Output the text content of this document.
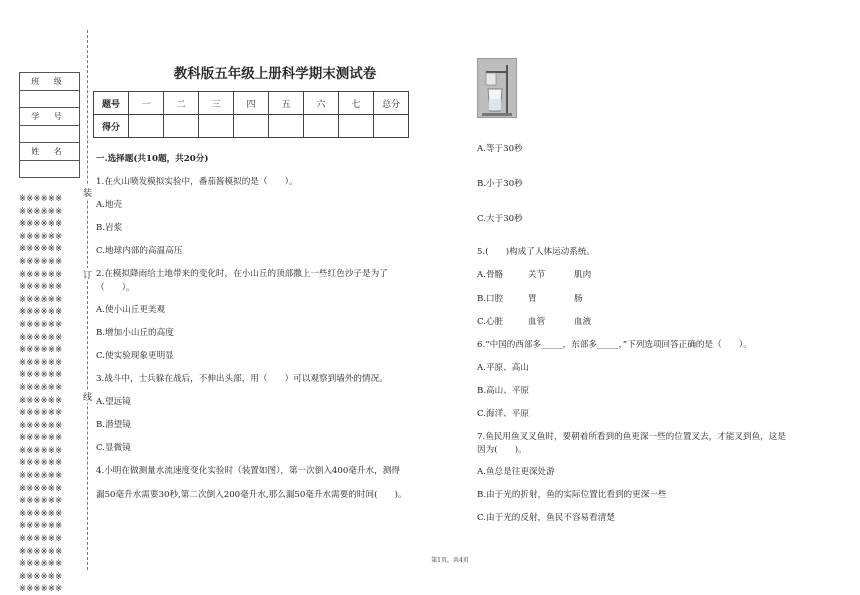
班 级

学 号

姓 名

※※※※※※
※※※※※※
※※※※※※
※※※※※※
※※※※※※
※※※※※※
※※※※※※
※※※※※※
※※※※※※
※※※※※※
※※※※※※
※※※※※※
※※※※※※
※※※※※※
※※※※※※
※※※※※※
※※※※※※
※※※※※※
※※※※※※
※※※※※※
※※※※※※
※※※※※※
※※※※※※
※※※※※※
※※※※※※
※※※※※※
※※※※※※
※※※※※※
※※※※※※
※※※※※※
※※※※※※
※※※※※※
装
订
线
教科版五年级上册科学期末测试卷
题号	一	二	三	四	五	六	七	总分
得分								
一.选择题(共10题，共20分)
1.在火山喷发模拟实验中，番茄酱模拟的是（　　）。
A.地壳
B.岩浆
C.地球内部的高温高压
2.在模拟降雨给土地带来的变化时，在小山丘的顶部撒上一些红色沙子是为了
（　　）。
A.使小山丘更美观
B.增加小山丘的高度
C.使实验现象更明显
3.战斗中，士兵躲在战后，不伸出头部，用（　　）可以观察到墙外的情况。
A.望远镜
B.潜望镜
C.显微镜
4.小明在做测量水流速度变化实验时（装置如图），第一次倒入400毫升水，测得
漏50毫升水需要30秒,第二次倒入200毫升水,那么漏50毫升水需要的时间(　　)。
A.等于30秒
B.小于30秒
C.大于30秒
5.(　　)构成了人体运动系统。
A.骨骼	关节	肌肉
B.口腔	胃	肠
C.心脏	血管	血液
6.“中国的西部多_____，东部多_____，”下列选项回答正确的是（　　）。
A.平原、高山
B.高山、平原
C.海洋、平原
7.鱼民用鱼叉叉鱼时，要朝着所看到的鱼更深一些的位置叉去，才能叉到鱼，这是
因为(　　)。
A.鱼总是往更深处游
B.由于光的折射，鱼的实际位置比看到的更深一些
C.由于光的反射，鱼民不容易看清楚
第1页，共4页
